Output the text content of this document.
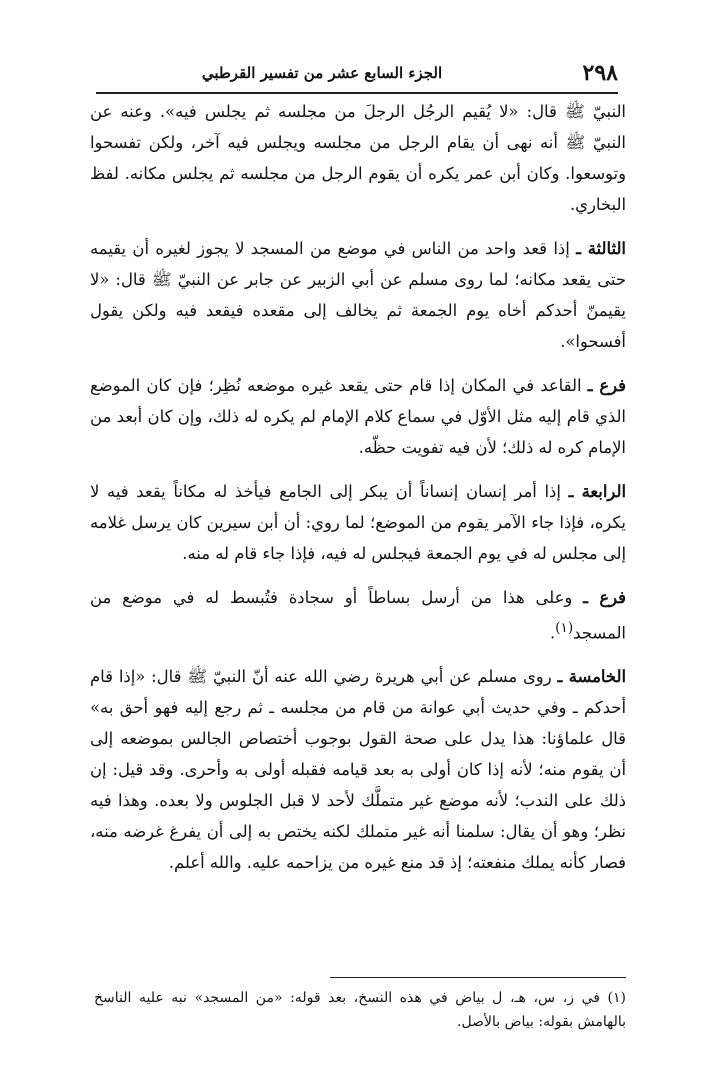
٢٩٨
الجزء السابع عشر من تفسير القرطبي

النبيّ ﷺ قال: «لا يُقيم الرجُل الرجلَ من مجلسه ثم يجلس فيه». وعنه عن النبيّ ﷺ أنه نهى أن يقام الرجل من مجلسه ويجلس فيه آخر، ولكن تفسحوا وتوسعوا. وكان أبن عمر يكره أن يقوم الرجل من مجلسه ثم يجلس مكانه. لفظ البخاري.

الثالثة ـ إذا قعد واحد من الناس في موضع من المسجد لا يجوز لغيره أن يقيمه حتى يقعد مكانه؛ لما روى مسلم عن أبي الزبير عن جابر عن النبيّ ﷺ قال: «لا يقيمنّ أحدكم أخاه يوم الجمعة ثم يخالف إلى مقعده فيقعد فيه ولكن يقول أفسحوا».

فرع ـ القاعد في المكان إذا قام حتى يقعد غيره موضعه نُظِر؛ فإن كان الموضع الذي قام إليه مثل الأوّل في سماع كلام الإمام لم يكره له ذلك، وإن كان أبعد من الإمام كره له ذلك؛ لأن فيه تفويت حظّه.

الرابعة ـ إذا أمر إنسان إنساناً أن يبكر إلى الجامع فيأخذ له مكاناً يقعد فيه لا يكره، فإذا جاء الآمر يقوم من الموضع؛ لما روي: أن أبن سيرين كان يرسل غلامه إلى مجلس له في يوم الجمعة فيجلس له فيه، فإذا جاء قام له منه.

فرع ـ وعلى هذا من أرسل بساطاً أو سجادة فتُبسط له في موضع من المسجد$^{(١)}$.

الخامسة ـ روى مسلم عن أبي هريرة رضي الله عنه أنّ النبيّ ﷺ قال: «إذا قام أحدكم ـ وفي حديث أبي عوانة من قام من مجلسه ـ ثم رجع إليه فهو أحق به» قال علماؤنا: هذا يدل على صحة القول بوجوب أختصاص الجالس بموضعه إلى أن يقوم منه؛ لأنه إذا كان أولى به بعد قيامه فقبله أولى به وأحرى. وقد قيل: إن ذلك على الندب؛ لأنه موضع غير متملَّك لأحد لا قبل الجلوس ولا بعده. وهذا فيه نظر؛ وهو أن يقال: سلمنا أنه غير متملك لكنه يختص به إلى أن يفرغ غرضه منه، فصار كأنه يملك منفعته؛ إذ قد منع غيره من يزاحمه عليه. والله أعلم.

(١) في ز، س، هـ، ل بياض في هذه النسخ، بعد قوله: «من المسجد» نبه عليه الناسخ بالهامش بقوله: بياض بالأصل.
